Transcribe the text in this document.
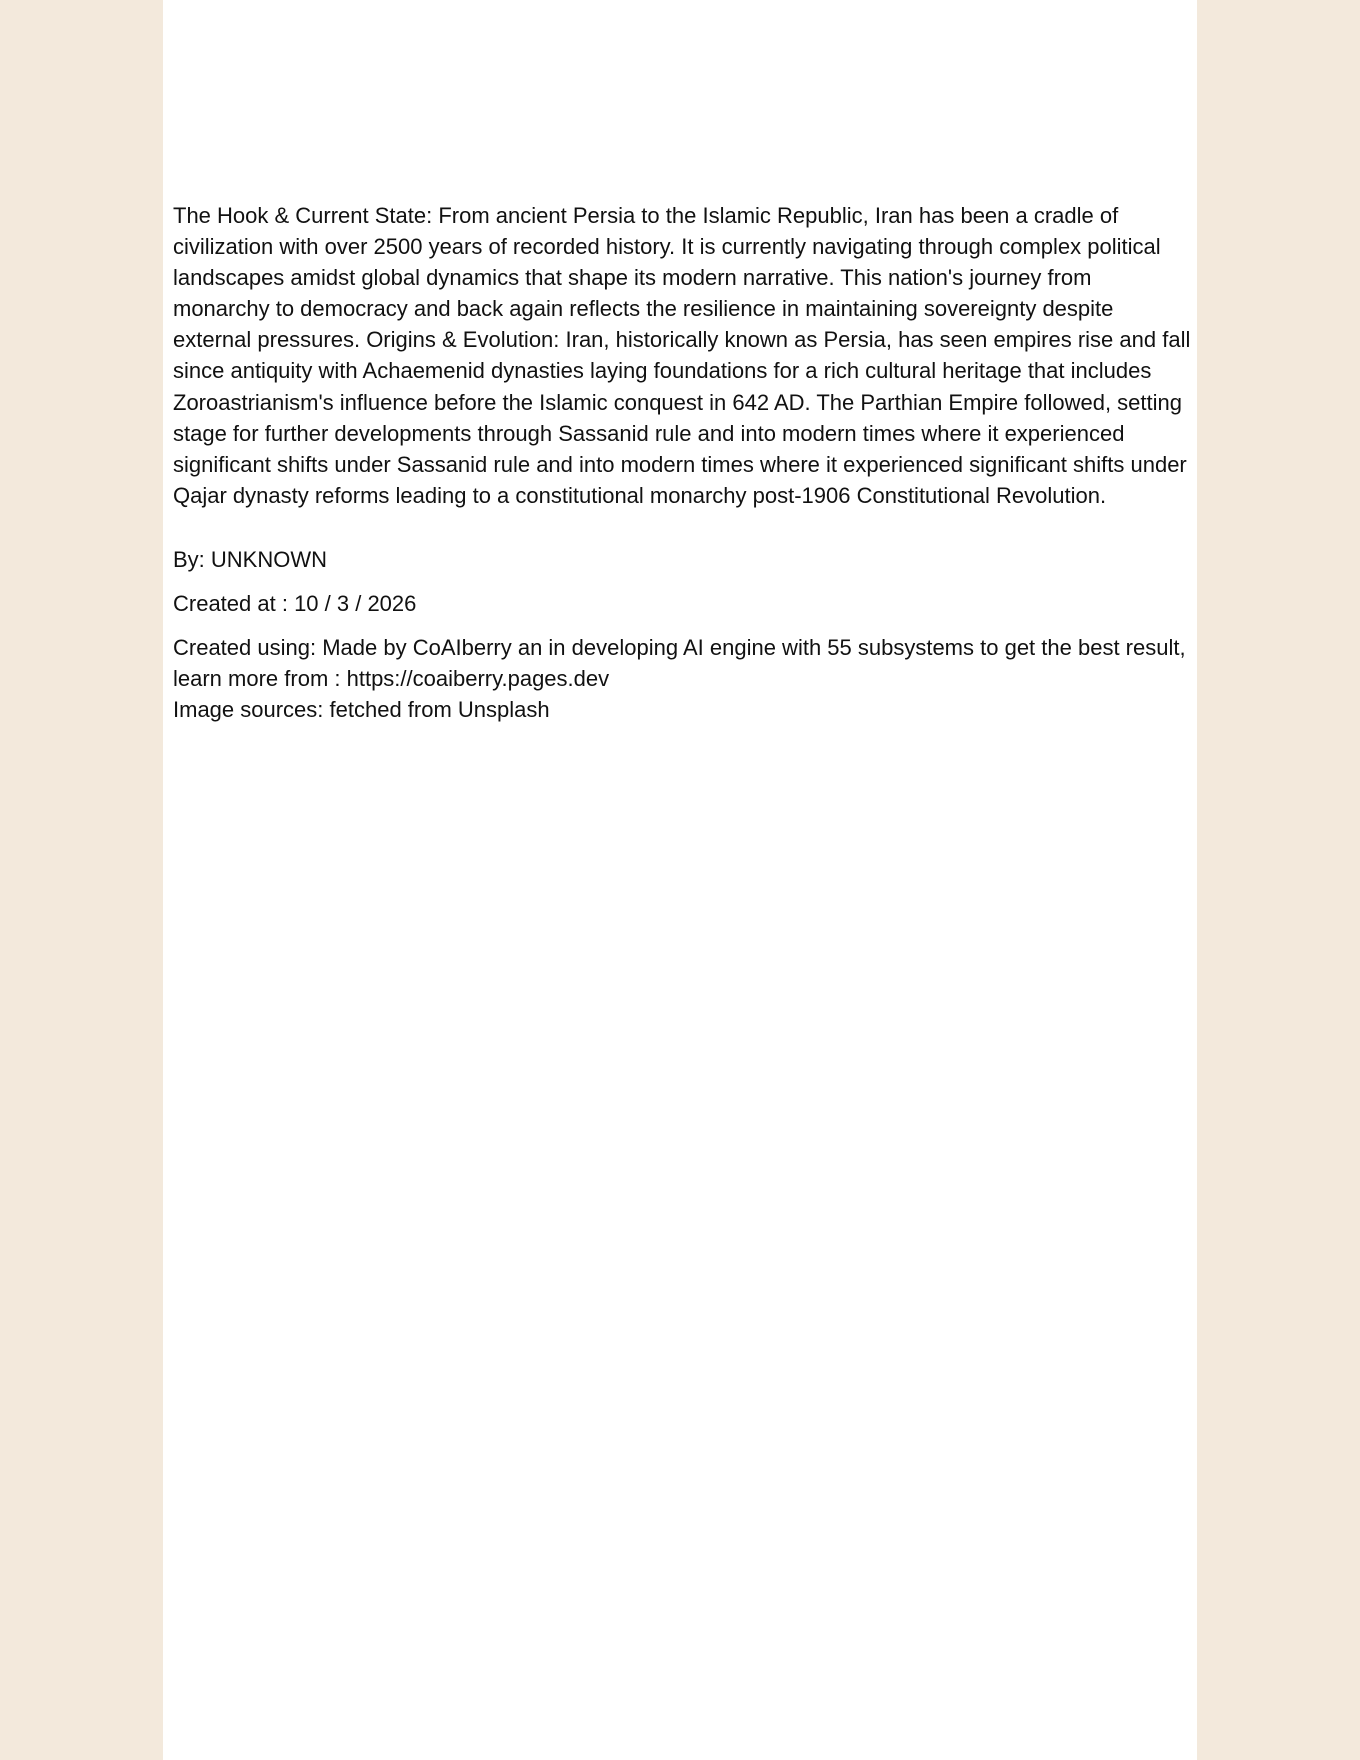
The Hook & Current State: From ancient Persia to the Islamic Republic, Iran has been a cradle of civilization with over 2500 years of recorded history. It is currently navigating through complex political landscapes amidst global dynamics that shape its modern narrative. This nation's journey from monarchy to democracy and back again reflects the resilience in maintaining sovereignty despite external pressures. Origins & Evolution: Iran, historically known as Persia, has seen empires rise and fall since antiquity with Achaemenid dynasties laying foundations for a rich cultural heritage that includes Zoroastrianism's influence before the Islamic conquest in 642 AD. The Parthian Empire followed, setting stage for further developments through Sassanid rule and into modern times where it experienced significant shifts under Sassanid rule and into modern times where it experienced significant shifts under Qajar dynasty reforms leading to a constitutional monarchy post-1906 Constitutional Revolution.

By: UNKNOWN

Created at : 10 / 3 / 2026

Created using: Made by CoAIberry an in developing AI engine with 55 subsystems to get the best result, learn more from : https://coaiberry.pages.dev

Image sources: fetched from Unsplash
